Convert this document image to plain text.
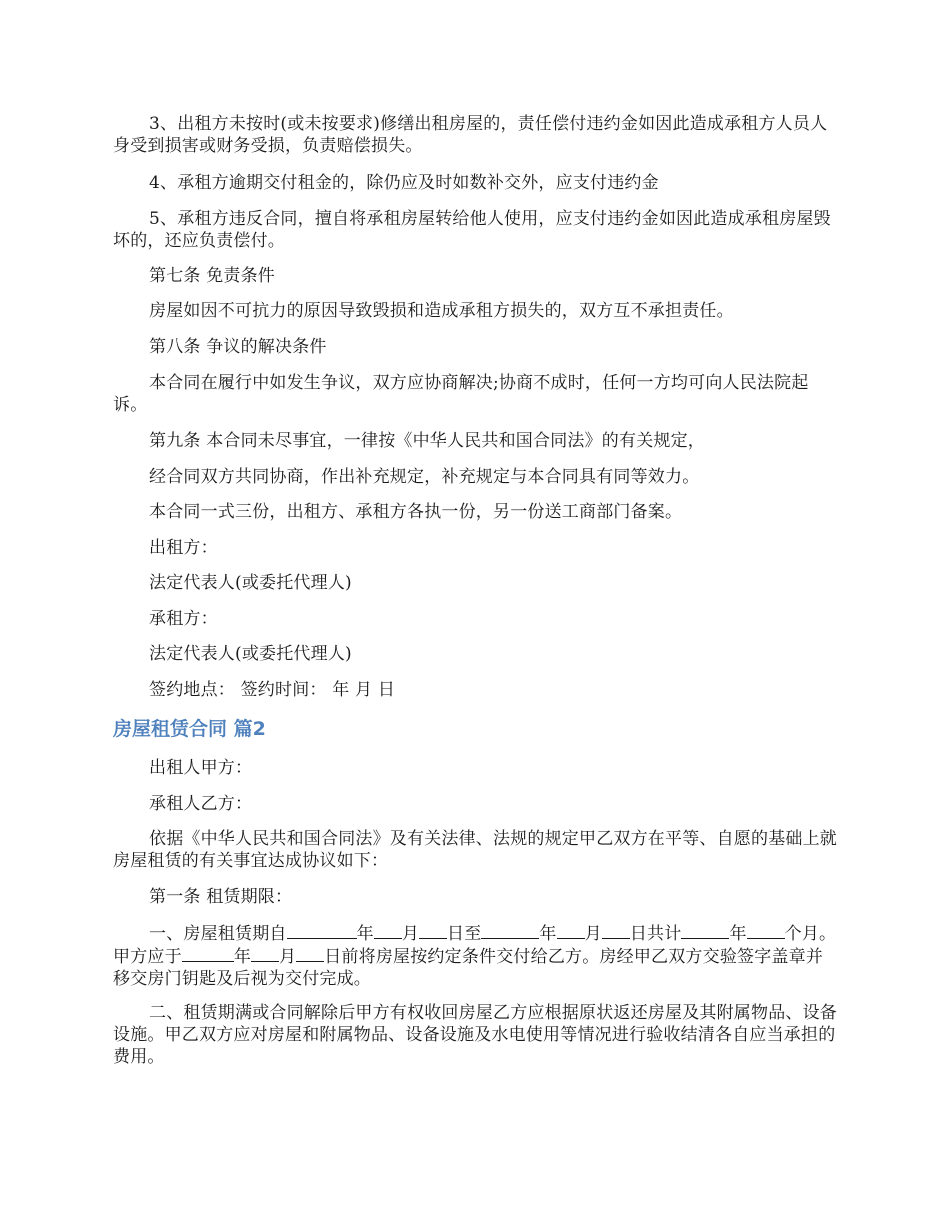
3、出租方未按时(或未按要求)修缮出租房屋的，责任偿付违约金如因此造成承租方人员人身受到损害或财务受损，负责赔偿损失。
4、承租方逾期交付租金的，除仍应及时如数补交外，应支付违约金
5、承租方违反合同，擅自将承租房屋转给他人使用，应支付违约金如因此造成承租房屋毁坏的，还应负责偿付。
第七条 免责条件
房屋如因不可抗力的原因导致毁损和造成承租方损失的，双方互不承担责任。
第八条 争议的解决条件
本合同在履行中如发生争议，双方应协商解决;协商不成时，任何一方均可向人民法院起诉。
第九条 本合同未尽事宜，一律按《中华人民共和国合同法》的有关规定，
经合同双方共同协商，作出补充规定，补充规定与本合同具有同等效力。
本合同一式三份，出租方、承租方各执一份，另一份送工商部门备案。
出租方：
法定代表人(或委托代理人)
承租方：
法定代表人(或委托代理人)
签约地点： 签约时间： 年 月 日
房屋租赁合同 篇2
出租人甲方：
承租人乙方：
依据《中华人民共和国合同法》及有关法律、法规的规定甲乙双方在平等、自愿的基础上就房屋租赁的有关事宜达成协议如下：
第一条 租赁期限：
一、房屋租赁期自	年 月 日至	年 月 日共计	年 个月。甲方应于	年 月 日前将房屋按约定条件交付给乙方。房经甲乙双方交验签字盖章并移交房门钥匙及后视为交付完成。
二、租赁期满或合同解除后甲方有权收回房屋乙方应根据原状返还房屋及其附属物品、设备设施。甲乙双方应对房屋和附属物品、设备设施及水电使用等情况进行验收结清各自应当承担的费用。
